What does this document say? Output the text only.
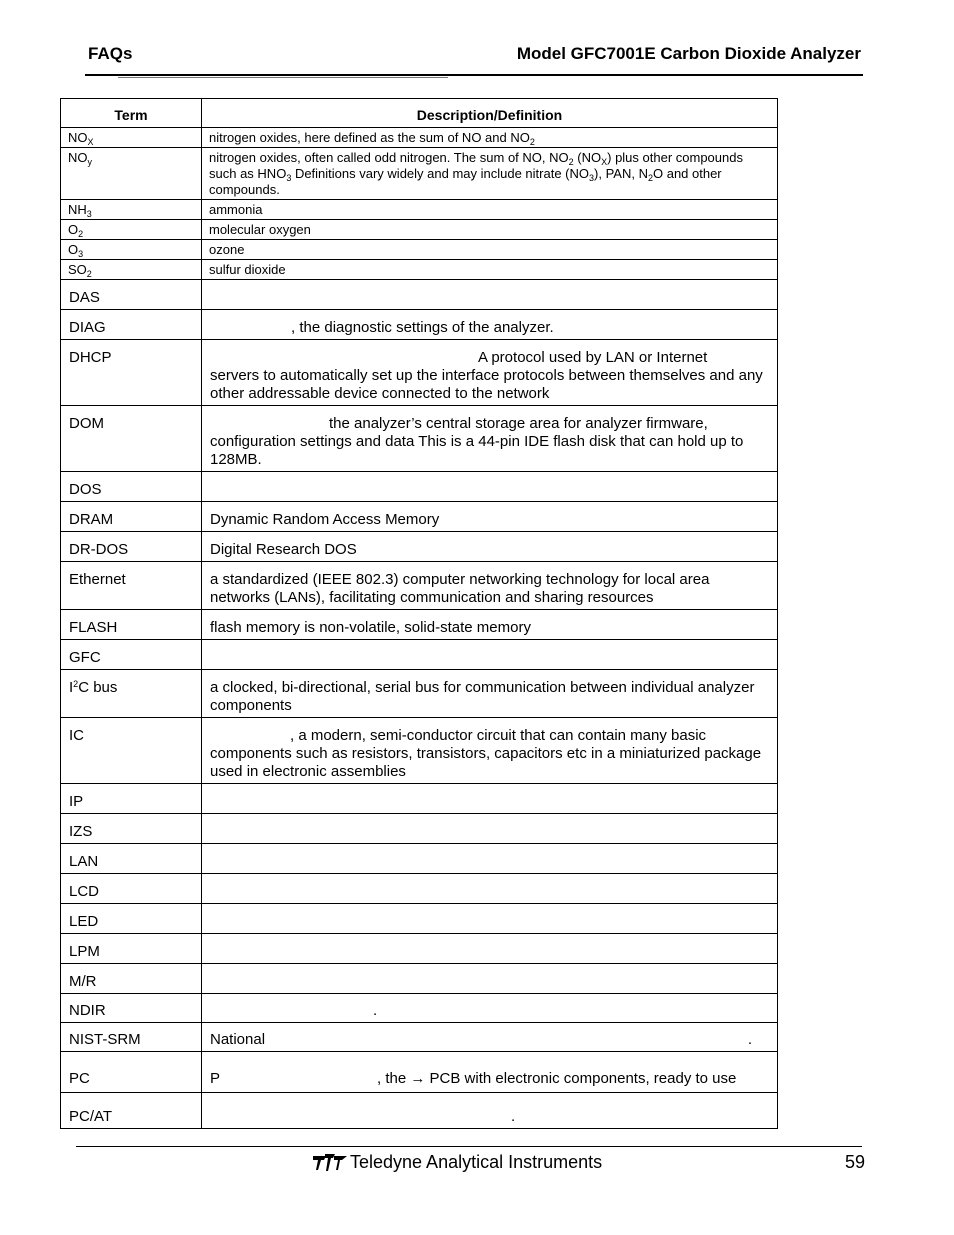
FAQs	Model GFC7001E Carbon Dioxide Analyzer
Term	Description/Definition
$NO_X$	nitrogen oxides, here defined as the sum of NO and $NO_2$
$NO_y$	nitrogen oxides, often called odd nitrogen. The sum of NO, $NO_2$ $(NO_X)$ plus other compounds such as $HNO_3$ Definitions vary widely and may include nitrate $(NO_3)$, PAN, $N_2O$ and other compounds.
$NH_3$	ammonia
$O_2$	molecular oxygen
$O_3$	ozone
$SO_2$	sulfur dioxide
DAS	
DIAG	, the diagnostic settings of the analyzer.
DHCP	A protocol used by LAN or Internet
servers to automatically set up the interface protocols between themselves and any other addressable device connected to the network

DOM	the analyzer’s central storage area for analyzer firmware,
configuration settings and data This is a 44-pin IDE flash disk that can hold up to 128MB.

DOS	
DRAM	Dynamic Random Access Memory
DR-DOS	Digital Research DOS
Ethernet	a standardized (IEEE 802.3) computer networking technology for local area networks (LANs), facilitating communication and sharing resources
FLASH	flash memory is non-volatile, solid-state memory
GFC	
$I^2C$ bus	a clocked, bi-directional, serial bus for communication between individual analyzer components
IC	, a modern, semi-conductor circuit that can contain many basic
components such as resistors, transistors, capacitors etc in a miniaturized package used in electronic assemblies

IP	
IZS	
LAN	
LCD	
LED	
LPM	
M/R	
NDIR	.
NIST-SRM	National .

PC	P , the → PCB with electronic components, ready to use
PC/AT	.
Teledyne Analytical Instruments	59
